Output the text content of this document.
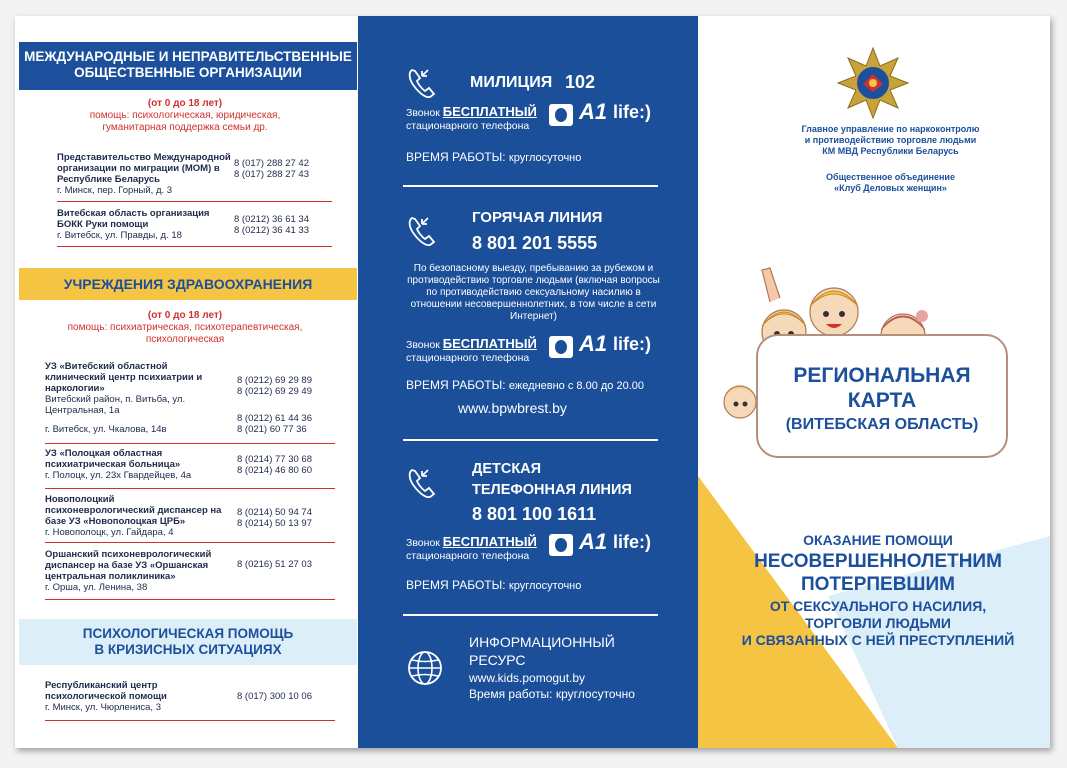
МЕЖДУНАРОДНЫЕ И НЕПРАВИТЕЛЬСТВЕННЫЕ
ОБЩЕСТВЕННЫЕ ОРГАНИЗАЦИИ
(от 0 до 18 лет)
помощь: психологическая, юридическая,
гуманитарная поддержка семьи др.
Представительство Международной организации по миграции (МОМ) в Республике Беларусь
г. Минск, пер. Горный, д. 3
8 (017) 288 27 42
8 (017) 288 27 43
Витебская область организация БОКК Руки помощи
г. Витебск, ул. Правды, д. 18
8 (0212) 36 61 34
8 (0212) 36 41 33
УЧРЕЖДЕНИЯ ЗДРАВООХРАНЕНИЯ
(от 0 до 18 лет)
помощь: психиатрическая, психотерапевтическая,
психологическая
УЗ «Витебский областной клинический центр психиатрии и наркологии»
Витебский район, п. Витьба, ул. Центральная, 1а
г. Витебск, ул. Чкалова, 14в
8 (0212) 69 29 89
8 (0212) 69 29 49
8 (0212) 61 44 36
8 (021) 60 77 36
УЗ «Полоцкая областная психиатрическая больница»
г. Полоцк, ул. 23х Гвардейцев, 4а
8 (0214) 77 30 68
8 (0214) 46 80 60
Новополоцкий психоневрологический диспансер на базе УЗ «Новополоцкая ЦРБ»
г. Новополоцк, ул. Гайдара, 4
8 (0214) 50 94 74
8 (0214) 50 13 97
Оршанский психоневрологический диспансер на базе УЗ «Оршанская центральная поликлиника»
г. Орша, ул. Ленина, 38
8 (0216) 51 27 03
ПСИХОЛОГИЧЕСКАЯ ПОМОЩЬ
В КРИЗИСНЫХ СИТУАЦИЯХ
Республиканский центр психологической помощи
г. Минск, ул. Чюрлениса, 3
8 (017) 300 10 06
МИЛИЦИЯ 102
Звонок БЕСПЛАТНЫЙ
стационарного телефона
A1 life:)
ВРЕМЯ РАБОТЫ: круглосуточно
ГОРЯЧАЯ ЛИНИЯ
8 801 201 5555
По безопасному выезду, пребыванию за рубежом и противодействию торговле людьми (включая вопросы по противодействию сексуальному насилию в отношении несовершеннолетних, в том числе в сети Интернет)
Звонок БЕСПЛАТНЫЙ
стационарного телефона
A1 life:)
ВРЕМЯ РАБОТЫ: ежедневно с 8.00 до 20.00
www.bpwbrest.by
ДЕТСКАЯ
ТЕЛЕФОННАЯ ЛИНИЯ
8 801 100 1611
Звонок БЕСПЛАТНЫЙ
стационарного телефона
A1 life:)
ВРЕМЯ РАБОТЫ: круглосуточно
ИНФОРМАЦИОННЫЙ
РЕСУРС
www.kids.pomogut.by
Время работы: круглосуточно
Главное управление по наркоконтролю
и противодействию торговле людьми
КМ МВД Республики Беларусь
Общественное объединение
«Клуб Деловых женщин»
РЕГИОНАЛЬНАЯ
КАРТА
(ВИТЕБСКАЯ ОБЛАСТЬ)
ОКАЗАНИЕ ПОМОЩИ
НЕСОВЕРШЕННОЛЕТНИМ
ПОТЕРПЕВШИМ
ОТ СЕКСУАЛЬНОГО НАСИЛИЯ,
ТОРГОВЛИ ЛЮДЬМИ
И СВЯЗАННЫХ С НЕЙ ПРЕСТУПЛЕНИЙ
